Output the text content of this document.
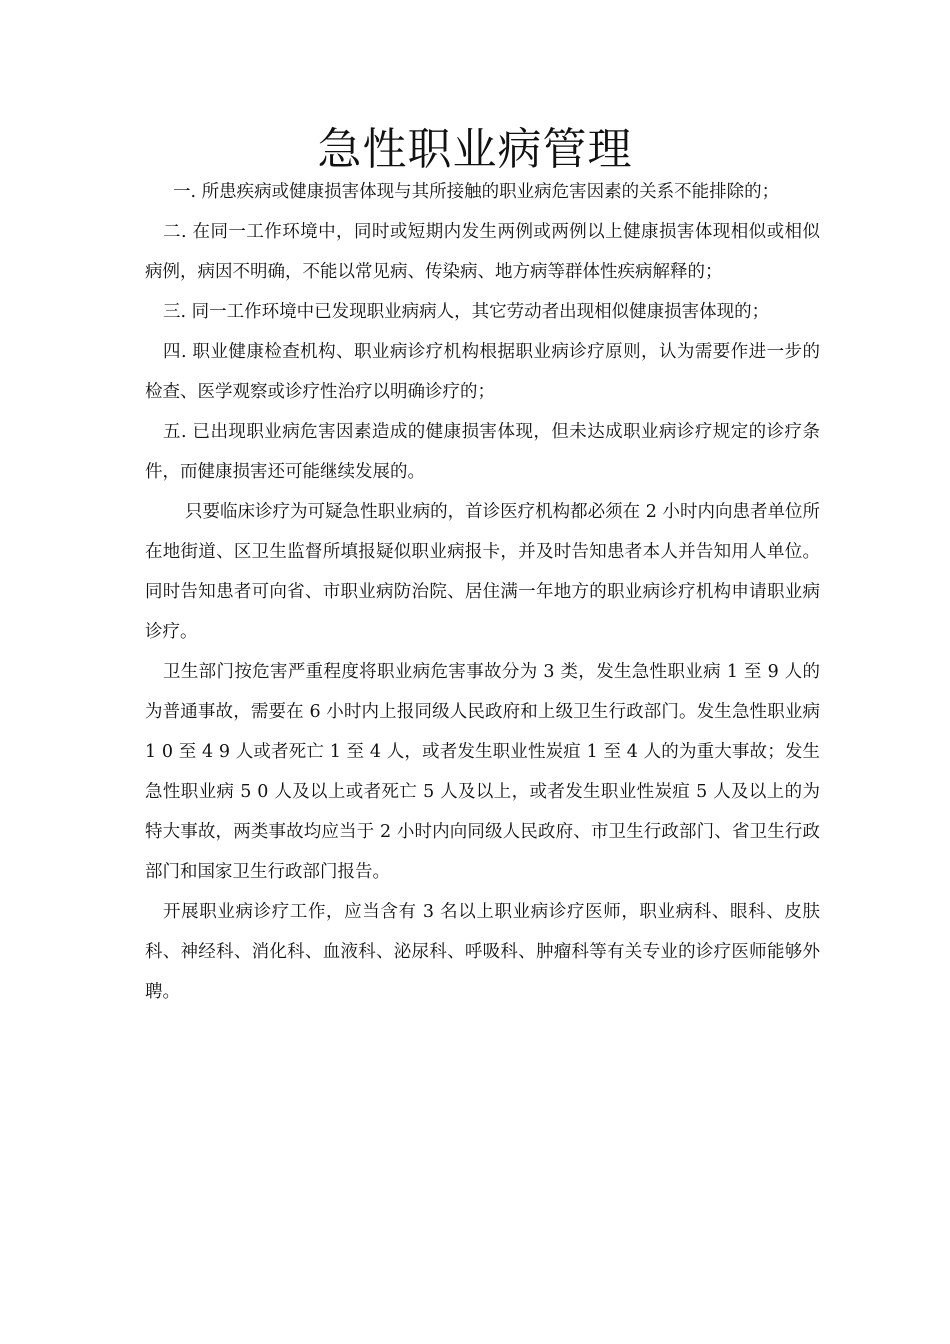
急性职业病管理

一. 所患疾病或健康损害体现与其所接触的职业病危害因素的关系不能排除的；

二. 在同一工作环境中，同时或短期内发生两例或两例以上健康损害体现相似或相似病例，病因不明确，不能以常见病、传染病、地方病等群体性疾病解释的；

三. 同一工作环境中已发现职业病病人，其它劳动者出现相似健康损害体现的；

四. 职业健康检查机构、职业病诊疗机构根据职业病诊疗原则，认为需要作进一步的检查、医学观察或诊疗性治疗以明确诊疗的；

五. 已出现职业病危害因素造成的健康损害体现，但未达成职业病诊疗规定的诊疗条件，而健康损害还可能继续发展的。

只要临床诊疗为可疑急性职业病的，首诊医疗机构都必须在 2 小时内向患者单位所在地街道、区卫生监督所填报疑似职业病报卡，并及时告知患者本人并告知用人单位。同时告知患者可向省、市职业病防治院、居住满一年地方的职业病诊疗机构申请职业病诊疗。

卫生部门按危害严重程度将职业病危害事故分为 3 类，发生急性职业病 1 至 9 人的为普通事故，需要在 6 小时内上报同级人民政府和上级卫生行政部门。发生急性职业病 1 0 至 4 9 人或者死亡 1 至 4 人，或者发生职业性炭疽 1 至 4 人的为重大事故；发生急性职业病 5 0 人及以上或者死亡 5 人及以上，或者发生职业性炭疽 5 人及以上的为特大事故，两类事故均应当于 2 小时内向同级人民政府、市卫生行政部门、省卫生行政部门和国家卫生行政部门报告。

开展职业病诊疗工作，应当含有 3 名以上职业病诊疗医师，职业病科、眼科、皮肤科、神经科、消化科、血液科、泌尿科、呼吸科、肿瘤科等有关专业的诊疗医师能够外聘。
